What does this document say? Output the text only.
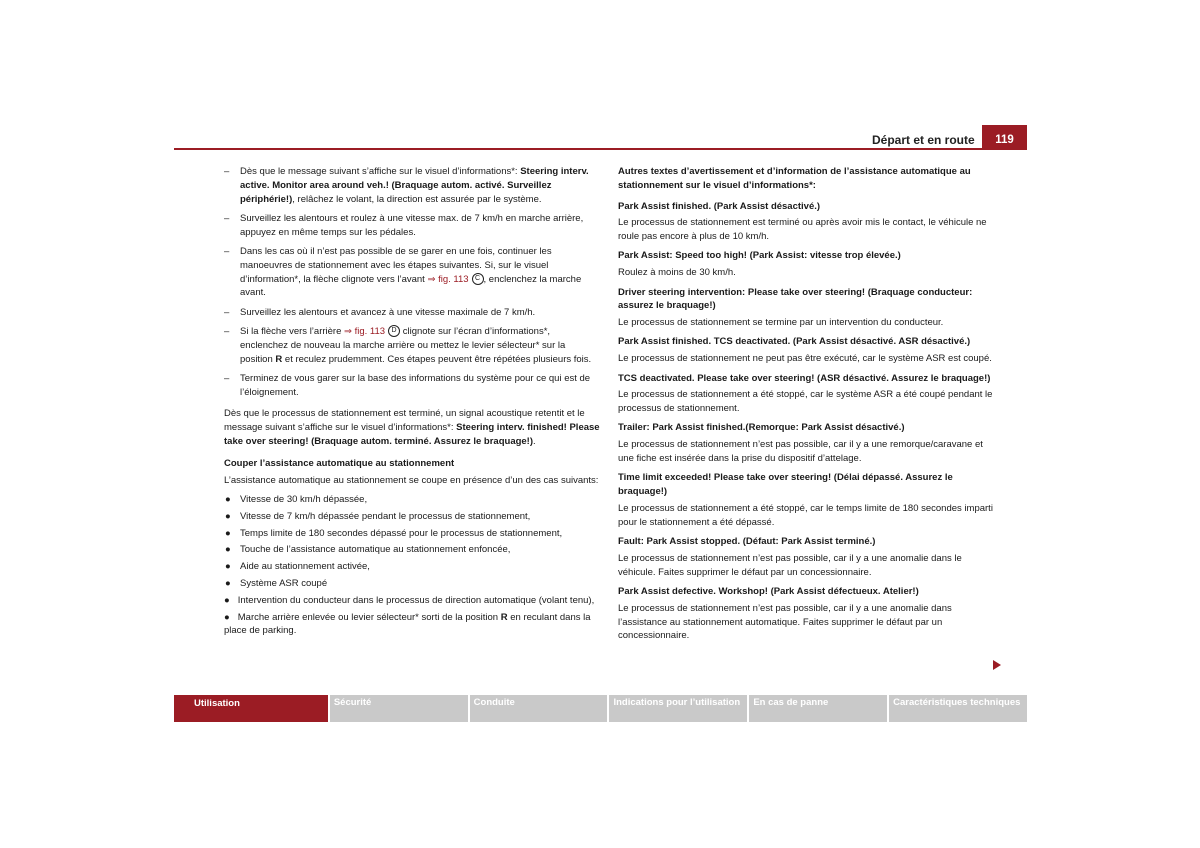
Départ et en route	119

– Dès que le message suivant s’affiche sur le visuel d’informations*: Steering interv. active. Monitor area around veh.! (Braquage autom. activé. Surveillez périphérie!), relâchez le volant, la direction est assurée par le système.

– Surveillez les alentours et roulez à une vitesse max. de 7 km/h en marche arrière, appuyez en même temps sur les pédales.

– Dans les cas où il n’est pas possible de se garer en une fois, continuer les manoeuvres de stationnement avec les étapes suivantes. Si, sur le visuel d’information*, la flèche clignote vers l’avant ⇒ fig. 113 C , enclenchez la marche avant.

– Surveillez les alentours et avancez à une vitesse maximale de 7 km/h.

– Si la flèche vers l’arrière ⇒ fig. 113 D clignote sur l’écran d’informations*, enclenchez de nouveau la marche arrière ou mettez le levier sélecteur* sur la position R et reculez prudemment. Ces étapes peuvent être répétées plusieurs fois.

– Terminez de vous garer sur la base des informations du système pour ce qui est de l’éloignement.

Dès que le processus de stationnement est terminé, un signal acoustique retentit et le message suivant s’affiche sur le visuel d’informations*: Steering interv. finished! Please take over steering! (Braquage autom. terminé. Assurez le braquage!).

Couper l’assistance automatique au stationnement

L’assistance automatique au stationnement se coupe en présence d’un des cas suivants:

● Vitesse de 30 km/h dépassée,

● Vitesse de 7 km/h dépassée pendant le processus de stationnement,

● Temps limite de 180 secondes dépassé pour le processus de stationnement,

● Touche de l’assistance automatique au stationnement enfoncée,

● Aide au stationnement activée,

● Système ASR coupé

● Intervention du conducteur dans le processus de direction automatique (volant tenu),

● Marche arrière enlevée ou levier sélecteur* sorti de la position R en reculant dans la place de parking.

Autres textes d’avertissement et d’information de l’assistance automatique au stationnement sur le visuel d’informations*:

Park Assist finished. (Park Assist désactivé.)

Le processus de stationnement est terminé ou après avoir mis le contact, le véhicule ne roule pas encore à plus de 10 km/h.

Park Assist: Speed too high! (Park Assist: vitesse trop élevée.)

Roulez à moins de 30 km/h.

Driver steering intervention: Please take over steering! (Braquage conducteur: assurez le braquage!)

Le processus de stationnement se termine par un intervention du conducteur.

Park Assist finished. TCS deactivated. (Park Assist désactivé. ASR désactivé.)

Le processus de stationnement ne peut pas être exécuté, car le système ASR est coupé.

TCS deactivated. Please take over steering! (ASR désactivé. Assurez le braquage!)

Le processus de stationnement a été stoppé, car le système ASR a été coupé pendant le processus de stationnement.

Trailer: Park Assist finished.(Remorque: Park Assist désactivé.)

Le processus de stationnement n’est pas possible, car il y a une remorque/caravane et une fiche est insérée dans la prise du dispositif d’attelage.

Time limit exceeded! Please take over steering! (Délai dépassé. Assurez le braquage!)

Le processus de stationnement a été stoppé, car le temps limite de 180 secondes imparti pour le stationnement a été dépassé.

Fault: Park Assist stopped. (Défaut: Park Assist terminé.)

Le processus de stationnement n’est pas possible, car il y a une anomalie dans le véhicule. Faites supprimer le défaut par un concessionnaire.

Park Assist defective. Workshop! (Park Assist défectueux. Atelier!)

Le processus de stationnement n’est pas possible, car il y a une anomalie dans l’assistance au stationnement automatique. Faites supprimer le défaut par un concessionnaire.

Utilisation	Sécurité	Conduite	Indications pour l’utilisation	En cas de panne	Caractéristiques techniques
